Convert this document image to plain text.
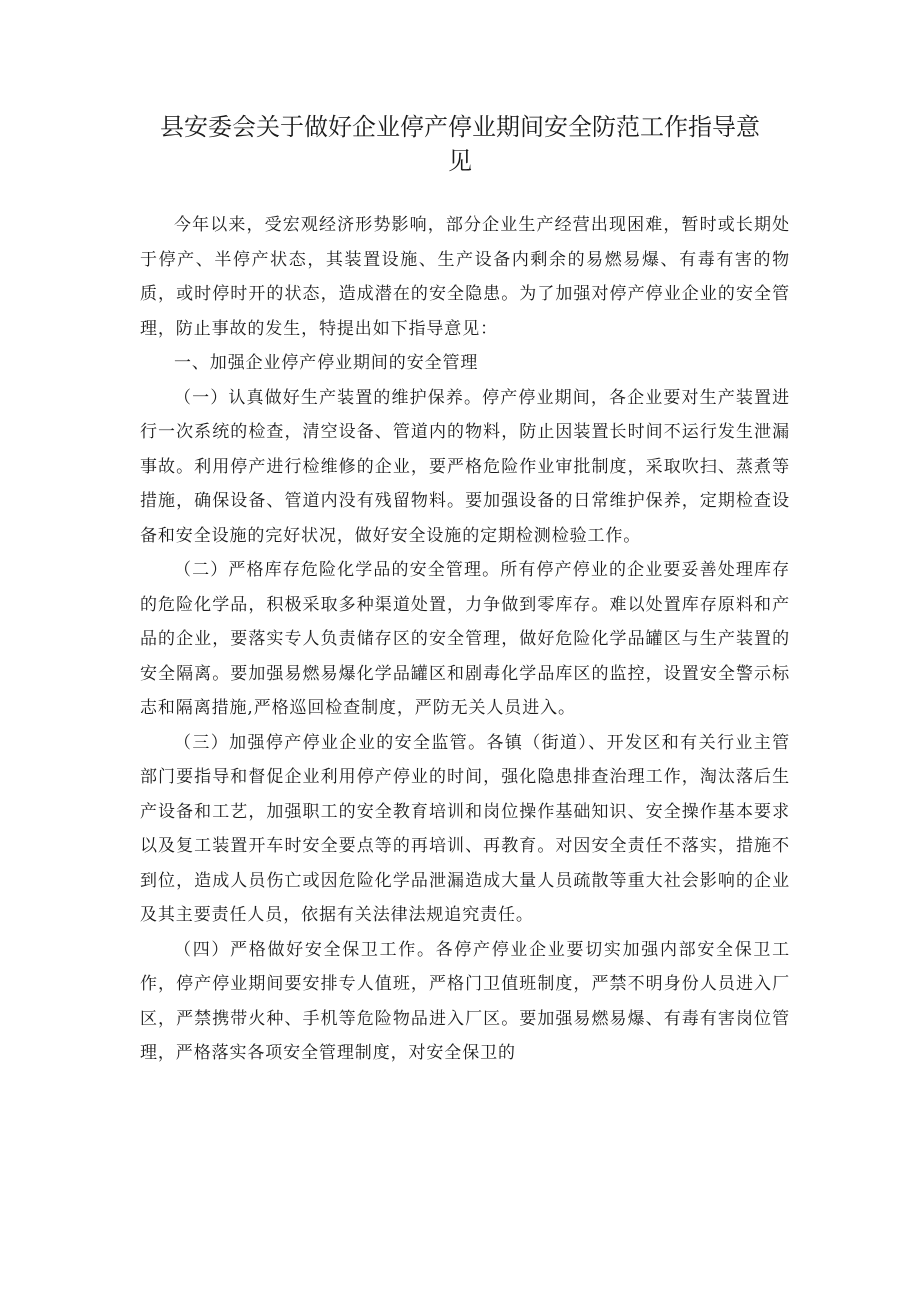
县安委会关于做好企业停产停业期间安全防范工作指导意见

今年以来，受宏观经济形势影响，部分企业生产经营出现困难，暂时或长期处于停产、半停产状态，其装置设施、生产设备内剩余的易燃易爆、有毒有害的物质，或时停时开的状态，造成潜在的安全隐患。为了加强对停产停业企业的安全管理，防止事故的发生，特提出如下指导意见：

一、加强企业停产停业期间的安全管理

（一）认真做好生产装置的维护保养。停产停业期间，各企业要对生产装置进行一次系统的检查，清空设备、管道内的物料，防止因装置长时间不运行发生泄漏事故。利用停产进行检维修的企业，要严格危险作业审批制度，采取吹扫、蒸煮等措施，确保设备、管道内没有残留物料。要加强设备的日常维护保养，定期检查设备和安全设施的完好状况，做好安全设施的定期检测检验工作。

（二）严格库存危险化学品的安全管理。所有停产停业的企业要妥善处理库存的危险化学品，积极采取多种渠道处置，力争做到零库存。难以处置库存原料和产品的企业，要落实专人负责储存区的安全管理，做好危险化学品罐区与生产装置的安全隔离。要加强易燃易爆化学品罐区和剧毒化学品库区的监控，设置安全警示标志和隔离措施,严格巡回检查制度，严防无关人员进入。

（三）加强停产停业企业的安全监管。各镇（街道）、开发区和有关行业主管部门要指导和督促企业利用停产停业的时间，强化隐患排查治理工作，淘汰落后生产设备和工艺，加强职工的安全教育培训和岗位操作基础知识、安全操作基本要求以及复工装置开车时安全要点等的再培训、再教育。对因安全责任不落实，措施不到位，造成人员伤亡或因危险化学品泄漏造成大量人员疏散等重大社会影响的企业及其主要责任人员，依据有关法律法规追究责任。

（四）严格做好安全保卫工作。各停产停业企业要切实加强内部安全保卫工作，停产停业期间要安排专人值班，严格门卫值班制度，严禁不明身份人员进入厂区，严禁携带火种、手机等危险物品进入厂区。要加强易燃易爆、有毒有害岗位管理，严格落实各项安全管理制度，对安全保卫的
